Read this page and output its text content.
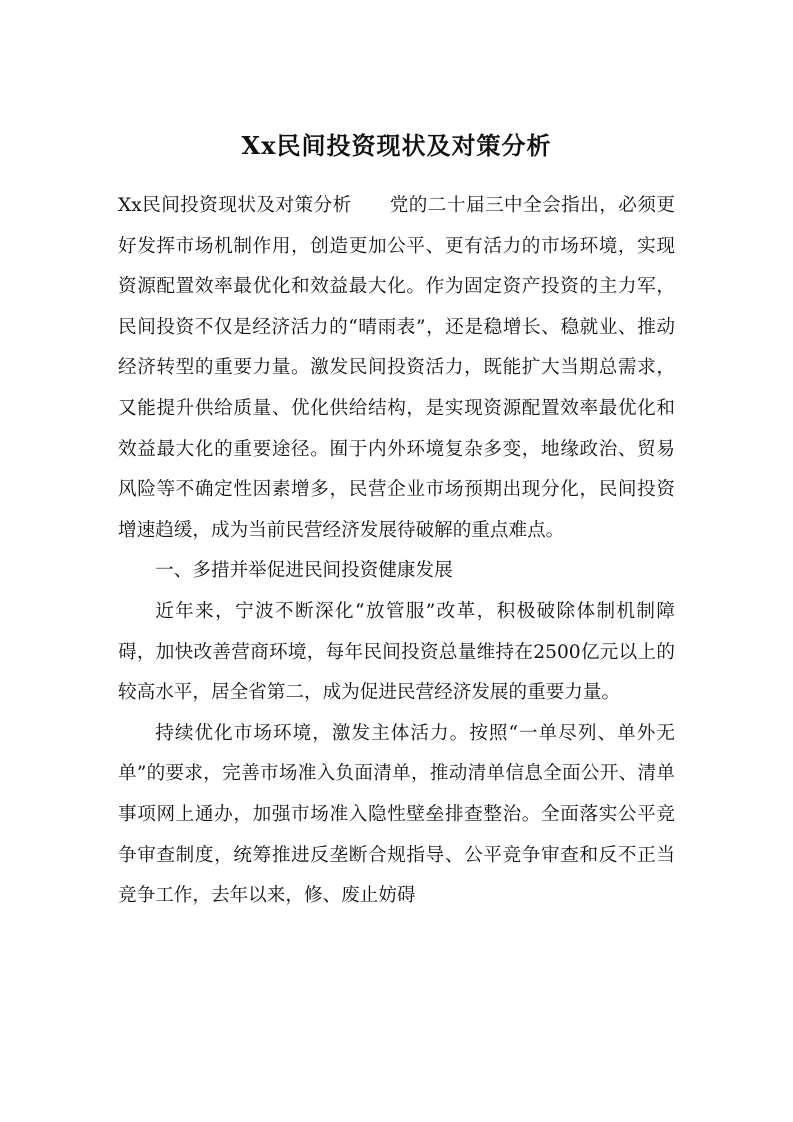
Xx民间投资现状及对策分析

Xx民间投资现状及对策分析　　党的二十届三中全会指出，必须更好发挥市场机制作用，创造更加公平、更有活力的市场环境，实现资源配置效率最优化和效益最大化。作为固定资产投资的主力军，民间投资不仅是经济活力的“晴雨表”，还是稳增长、稳就业、推动经济转型的重要力量。激发民间投资活力，既能扩大当期总需求，又能提升供给质量、优化供给结构，是实现资源配置效率最优化和效益最大化的重要途径。囿于内外环境复杂多变，地缘政治、贸易风险等不确定性因素增多，民营企业市场预期出现分化，民间投资增速趋缓，成为当前民营经济发展待破解的重点难点。

一、多措并举促进民间投资健康发展

近年来，宁波不断深化“放管服”改革，积极破除体制机制障碍，加快改善营商环境，每年民间投资总量维持在2500亿元以上的较高水平，居全省第二，成为促进民营经济发展的重要力量。

持续优化市场环境，激发主体活力。按照“一单尽列、单外无单”的要求，完善市场准入负面清单，推动清单信息全面公开、清单事项网上通办，加强市场准入隐性壁垒排查整治。全面落实公平竞争审查制度，统筹推进反垄断合规指导、公平竞争审查和反不正当竞争工作，去年以来，修、废止妨碍
